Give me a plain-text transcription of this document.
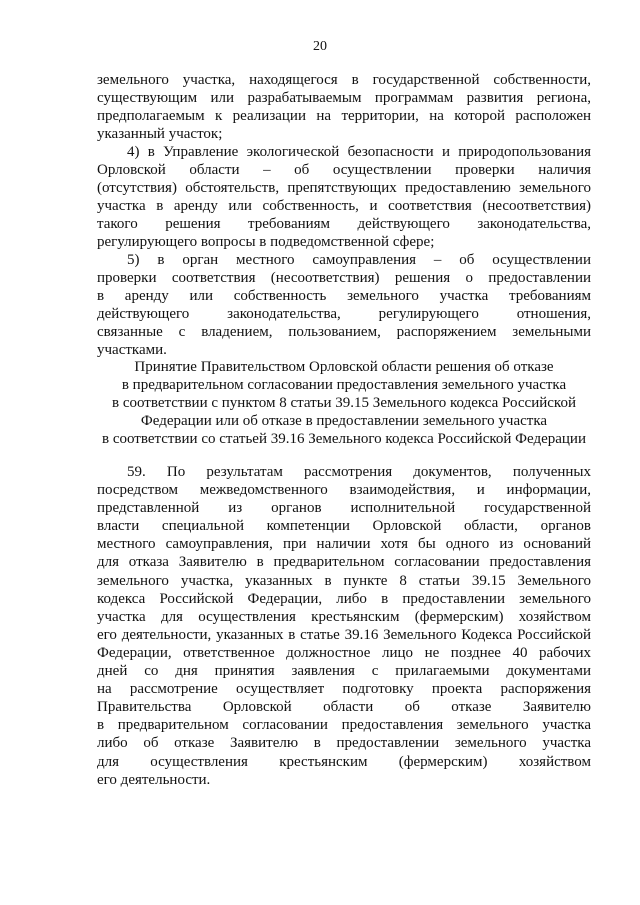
20
земельного участка, находящегося в государственной собственности,
существующим или разрабатываемым программам развития региона,
предполагаемым к реализации на территории, на которой расположен
указанный участок;
4) в Управление экологической безопасности и природопользования
Орловской области – об осуществлении проверки наличия
(отсутствия) обстоятельств, препятствующих предоставлению земельного
участка в аренду или собственность, и соответствия (несоответствия)
такого решения требованиям действующего законодательства,
регулирующего вопросы в подведомственной сфере;
5) в орган местного самоуправления – об осуществлении
проверки соответствия (несоответствия) решения о предоставлении
в аренду или собственность земельного участка требованиям
действующего законодательства, регулирующего отношения,
связанные с владением, пользованием, распоряжением земельными
участками.
Принятие Правительством Орловской области решения об отказе
в предварительном согласовании предоставления земельного участка
в соответствии с пунктом 8 статьи 39.15 Земельного кодекса Российской
Федерации или об отказе в предоставлении земельного участка
в соответствии со статьей 39.16 Земельного кодекса Российской Федерации
59. По результатам рассмотрения документов, полученных
посредством межведомственного взаимодействия, и информации,
представленной из органов исполнительной государственной
власти специальной компетенции Орловской области, органов
местного самоуправления, при наличии хотя бы одного из оснований
для отказа Заявителю в предварительном согласовании предоставления
земельного участка, указанных в пункте 8 статьи 39.15 Земельного
кодекса Российской Федерации, либо в предоставлении земельного
участка для осуществления крестьянским (фермерским) хозяйством
его деятельности, указанных в статье 39.16 Земельного Кодекса Российской
Федерации, ответственное должностное лицо не позднее 40 рабочих
дней со дня принятия заявления с прилагаемыми документами
на рассмотрение осуществляет подготовку проекта распоряжения
Правительства Орловской области об отказе Заявителю
в предварительном согласовании предоставления земельного участка
либо об отказе Заявителю в предоставлении земельного участка
для осуществления крестьянским (фермерским) хозяйством
его деятельности.
